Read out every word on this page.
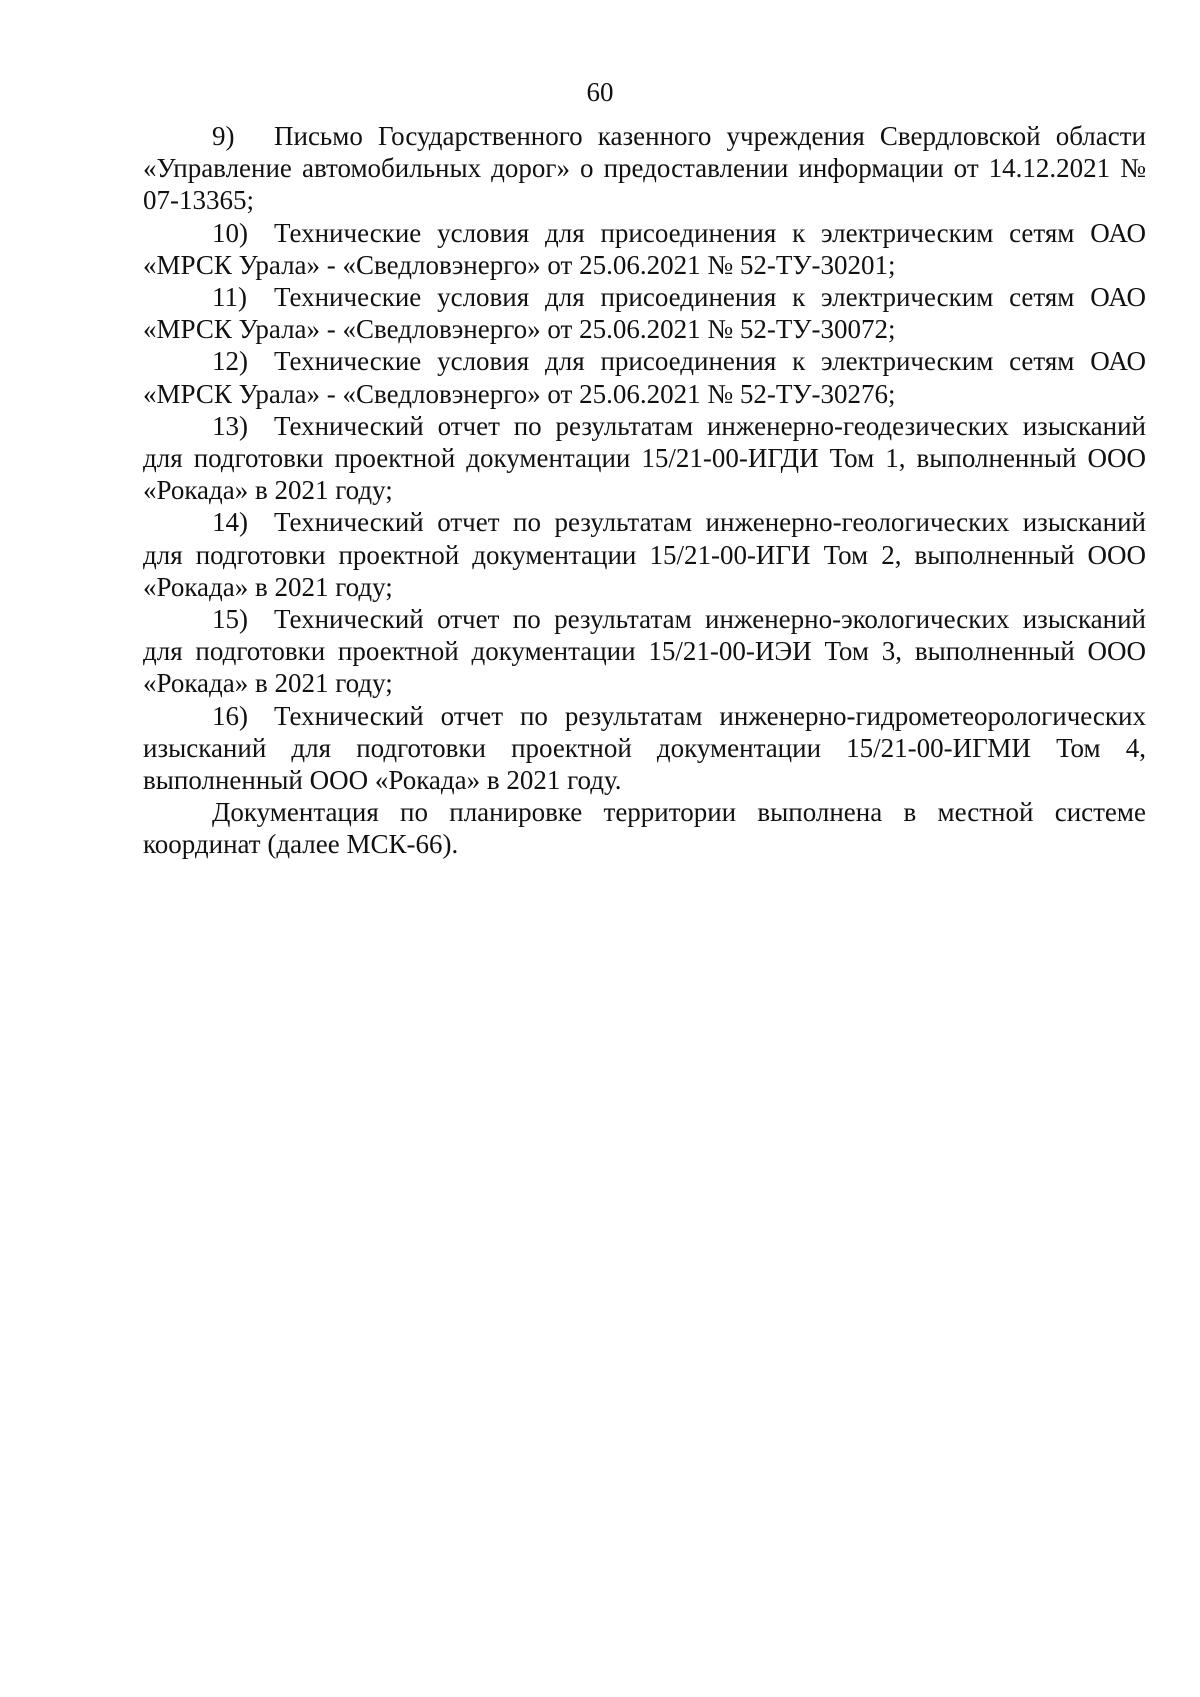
60

9) Письмо Государственного казенного учреждения Свердловской области «Управление автомобильных дорог» о предоставлении информации от 14.12.2021 № 07-13365;

10) Технические условия для присоединения к электрическим сетям ОАО «МРСК Урала» - «Сведловэнерго» от 25.06.2021 № 52-ТУ-30201;

11) Технические условия для присоединения к электрическим сетям ОАО «МРСК Урала» - «Сведловэнерго» от 25.06.2021 № 52-ТУ-30072;

12) Технические условия для присоединения к электрическим сетям ОАО «МРСК Урала» - «Сведловэнерго» от 25.06.2021 № 52-ТУ-30276;

13) Технический отчет по результатам инженерно-геодезических изысканий для подготовки проектной документации 15/21-00-ИГДИ Том 1, выполненный ООО «Рокада» в 2021 году;

14) Технический отчет по результатам инженерно-геологических изысканий для подготовки проектной документации 15/21-00-ИГИ Том 2, выполненный ООО «Рокада» в 2021 году;

15) Технический отчет по результатам инженерно-экологических изысканий для подготовки проектной документации 15/21-00-ИЭИ Том 3, выполненный ООО «Рокада» в 2021 году;

16) Технический отчет по результатам инженерно-гидрометеорологических изысканий для подготовки проектной документации 15/21-00-ИГМИ Том 4, выполненный ООО «Рокада» в 2021 году.

Документация по планировке территории выполнена в местной системе координат (далее МСК-66).
